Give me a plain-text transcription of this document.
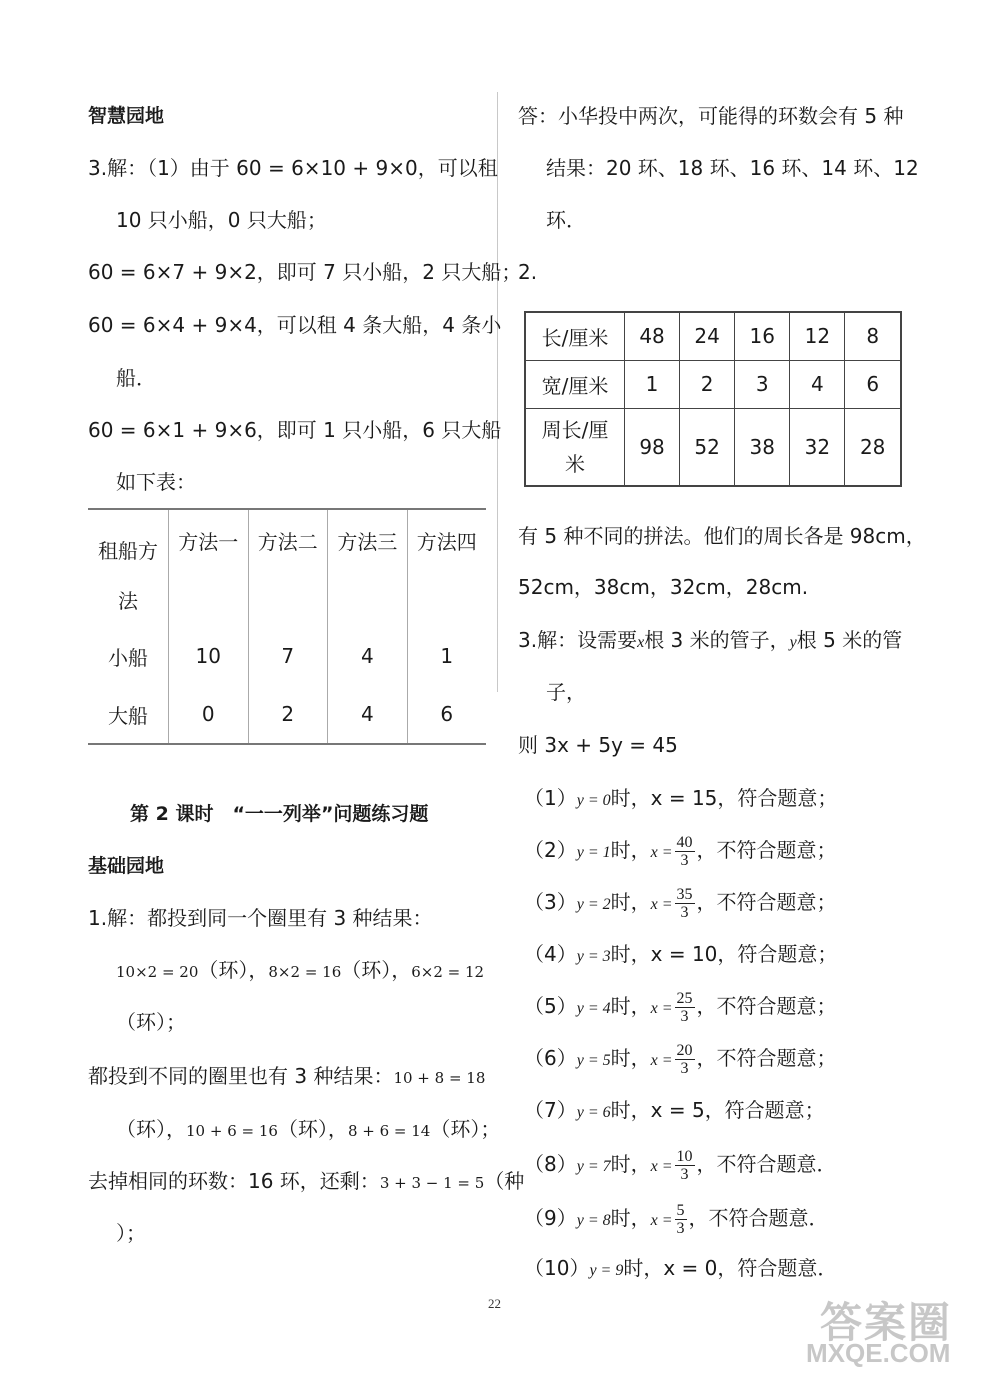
智慧园地
3.解：（1）由于 60 = 6×10 + 9×0，可以租
10 只小船，0 只大船；
60 = 6×7 + 9×2，即可 7 只小船，2 只大船；
60 = 6×4 + 9×4，可以租 4 条大船，4 条小
船．
60 = 6×1 + 9×6，即可 1 只小船，6 只大船
如下表：
租船方
法	方法一	方法二	方法三	方法四
小船	10	7	4	1
大船	0	2	4	6
第 2 课时　“一一列举”问题练习题
基础园地
1.解：都投到同一个圈里有 3 种结果：
10×2 = 20（环），8×2 = 16（环），6×2 = 12
（环）；
都投到不同的圈里也有 3 种结果：10 + 8 = 18
（环），10 + 6 = 16（环），8 + 6 = 14（环）；
去掉相同的环数：16 环，还剩：3 + 3 − 1 = 5（种
）；
答：小华投中两次，可能得的环数会有 5 种
结果：20 环、18 环、16 环、14 环、12
环．
2.
长/厘米	48	24	16	12	8
宽/厘米	1	2	3	4	6
周长/厘
米	98	52	38	32	28
有 5 种不同的拼法。他们的周长各是 98cm，
52cm，38cm，32cm，28cm.
3.解：设需要x根 3 米的管子，y根 5 米的管
子，
则 3x + 5y = 45
（1）y = 0时，x = 15，符合题意；
（2）y = 1时，$x = \frac{40}{3}$ ，不符合题意；
（3）y = 2时，$x = \frac{35}{3}$ ，不符合题意；
（4）y = 3时，x = 10，符合题意；
（5）y = 4时，$x = \frac{25}{3}$ ，不符合题意；
（6）y = 5时，$x = \frac{20}{3}$ ，不符合题意；
（7）y = 6时，x = 5，符合题意；
（8）y = 7时，$x = \frac{10}{3}$ ，不符合题意．
（9）y = 8时，$x = \frac{5}{3}$ ，不符合题意．
（10）y = 9时，x = 0，符合题意．
22	答案圈
MXQE.COM
